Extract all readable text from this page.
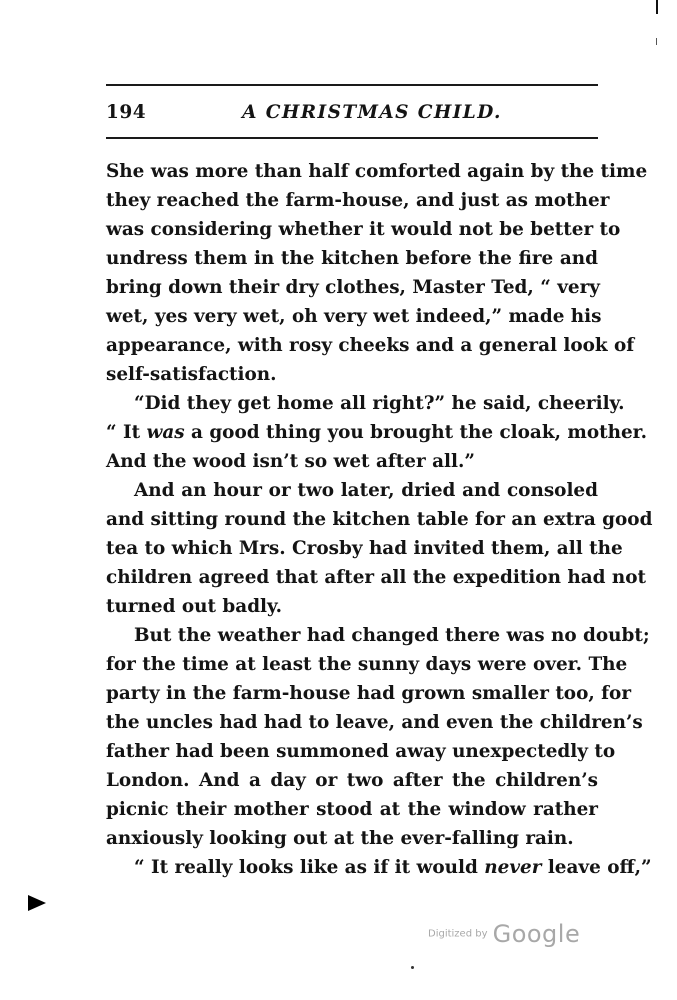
194	A CHRISTMAS CHILD.
She was more than half comforted again by the time
they reached the farm-house, and just as mother
was considering whether it would not be better to
undress them in the kitchen before the fire and
bring down their dry clothes, Master Ted, “ very
wet, yes very wet, oh very wet indeed,” made his
appearance, with rosy cheeks and a general look of
self-satisfaction.
“Did they get home all right?” he said, cheerily.
“ It was a good thing you brought the cloak, mother.
And the wood isn’t so wet after all.”
And an hour or two later, dried and consoled
and sitting round the kitchen table for an extra good
tea to which Mrs. Crosby had invited them, all the
children agreed that after all the expedition had not
turned out badly.
But the weather had changed there was no doubt;
for the time at least the sunny days were over. The
party in the farm-house had grown smaller too, for
the uncles had had to leave, and even the children’s
father had been summoned away unexpectedly to
London. And a day or two after the children’s
picnic their mother stood at the window rather
anxiously looking out at the ever-falling rain.
“ It really looks like as if it would never leave off,”
Digitized by Google
